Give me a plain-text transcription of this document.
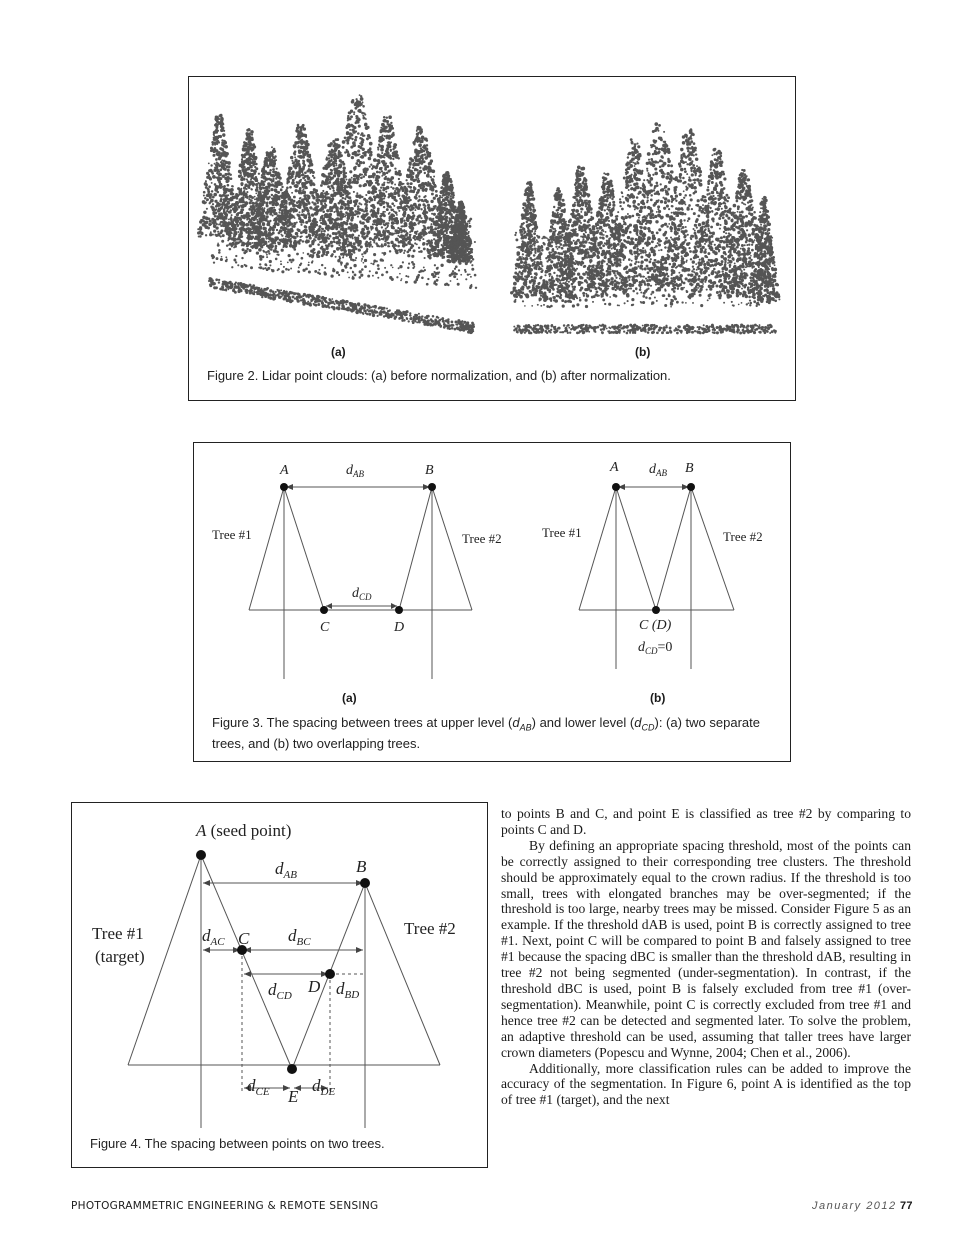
(a)	(b)
Figure 2. Lidar point clouds: (a) before normalization, and (b) after normalization.
A	B
$d_{AB}$
$d_{CD}$
C	D
Tree #1	Tree #2
A	B
$d_{AB}$
C (D)
$d_{CD}=0$
Tree #1	Tree #2
(a)	(b)
Figure 3. The spacing between trees at upper level $(d_{AB})$ and lower level $(d_{CD})$: (a) two separate trees, and (b) two overlapping trees.
A (seed point)
B
C
D
E
Tree #1
(target)
Tree #2
$d_{AB}$
$d_{AC}$	$d_{BC}$
$d_{CD}$	$d_{BD}$
$d_{CE}$ $d_{DE}$
Figure 4. The spacing between points on two trees.

to points B and C, and point E is classified as tree #2 by comparing to points C and D.

By defining an appropriate spacing threshold, most of the points can be correctly assigned to their corresponding tree clusters. The threshold should be approximately equal to the crown radius. If the threshold is too small, trees with elongated branches may be over-segmented; if the threshold is too large, nearby trees may be missed. Consider Figure 5 as an example. If the threshold dAB is used, point B is correctly assigned to tree #1. Next, point C will be compared to point B and falsely assigned to tree #1 because the spacing dBC is smaller than the threshold dAB, resulting in tree #2 not being segmented (under-segmentation). In contrast, if the threshold dBC is used, point B is falsely excluded from tree #1 (over-segmentation). Meanwhile, point C is correctly excluded from tree #1 and hence tree #2 can be detected and segmented later. To solve the problem, an adaptive threshold can be used, assuming that taller trees have larger crown diameters (Popescu and Wynne, 2004; Chen et al., 2006).

Additionally, more classification rules can be added to improve the accuracy of the segmentation. In Figure 6, point A is identified as the top of tree #1 (target), and the next

PHOTOGRAMMETRIC ENGINEERING & REMOTE SENSING	January 2012 77
